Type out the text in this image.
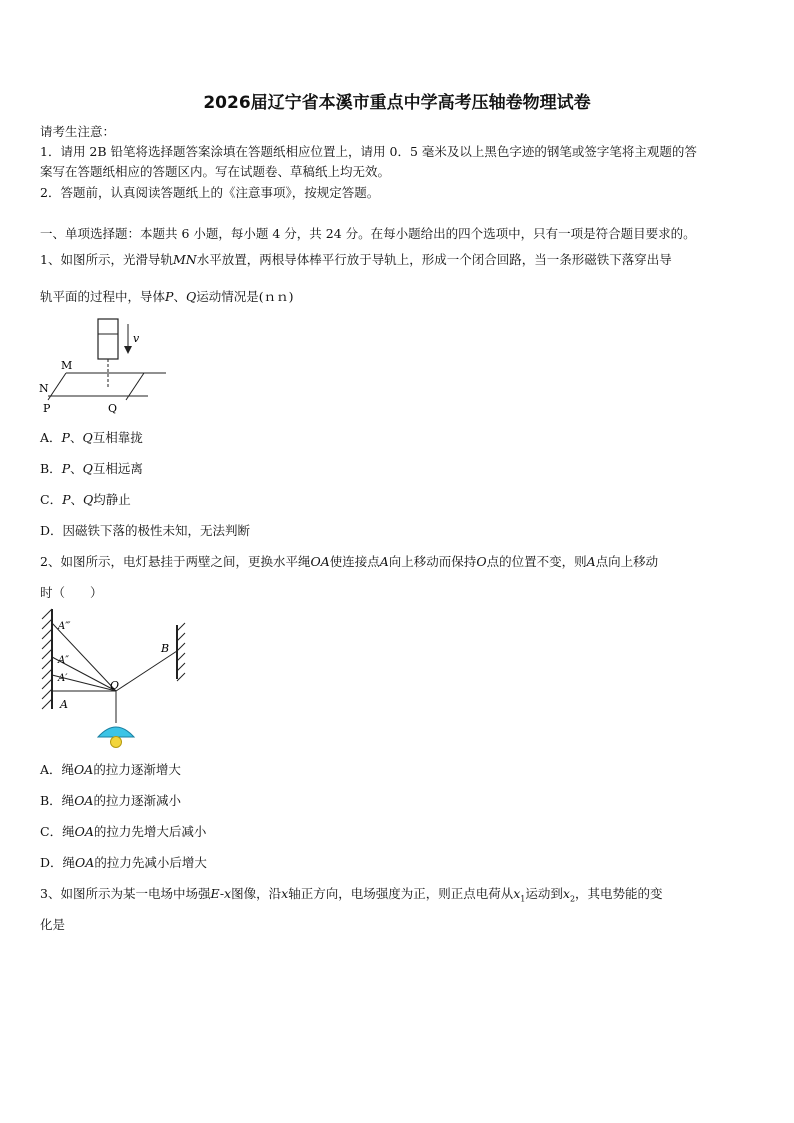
2026届辽宁省本溪市重点中学高考压轴卷物理试卷
请考生注意：
1．请用 2B 铅笔将选择题答案涂填在答题纸相应位置上，请用 0．5 毫米及以上黑色字迹的钢笔或签字笔将主观题的答
案写在答题纸相应的答题区内。写在试题卷、草稿纸上均无效。
2．答题前，认真阅读答题纸上的《注意事项》，按规定答题。
一、单项选择题：本题共 6 小题，每小题 4 分，共 24 分。在每小题给出的四个选项中，只有一项是符合题目要求的。
1、如图所示，光滑导轨MN水平放置，两根导体棒平行放于导轨上，形成一个闭合回路，当一条形磁铁下落穿出导
轨平面的过程中，导体P、Q运动情况是(ｎｎ)
v
M
N
P	Q
A．P、Q互相靠拢
B．P、Q互相远离
C．P、Q均静止
D．因磁铁下落的极性未知，无法判断
2、如图所示，电灯悬挂于两壁之间，更换水平绳OA使连接点A向上移动而保持O点的位置不变，则A点向上移动
时（　　）
A‴
A″
A′
A
O
B
A．绳OA的拉力逐渐增大
B．绳OA的拉力逐渐减小
C．绳OA的拉力先增大后减小
D．绳OA的拉力先减小后增大
3、如图所示为某一电场中场强E-x图像，沿x轴正方向，电场强度为正，则正点电荷从$x_1$运动到$x_2$，其电势能的变
化是
